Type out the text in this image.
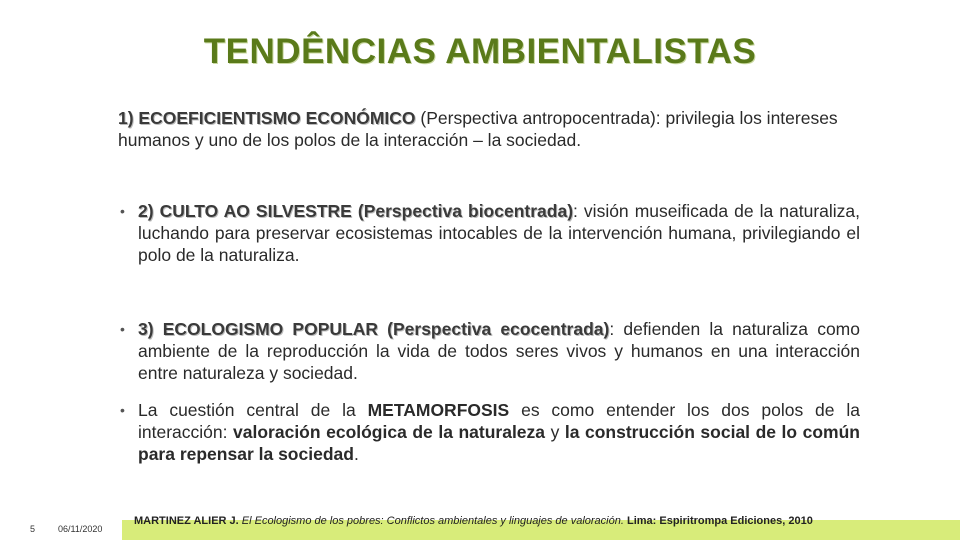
TENDÊNCIAS AMBIENTALISTAS
1) ECOEFICIENTISMO ECONÓMICO (Perspectiva antropocentrada): privilegia los intereses humanos y uno de los polos de la interacción – la sociedad.
• 2) CULTO AO SILVESTRE (Perspectiva biocentrada): visión museificada de la naturaliza, luchando para preservar ecosistemas intocables de la intervención humana, privilegiando el polo de la naturaliza.
• 3) ECOLOGISMO POPULAR (Perspectiva ecocentrada): defienden la naturaliza como ambiente de la reproducción la vida de todos seres vivos y humanos en una interacción entre naturaleza y sociedad.
• La cuestión central de la METAMORFOSIS es como entender los dos polos de la interacción: valoración ecológica de la naturaleza y la construcción social de lo común para repensar la sociedad.
5	06/11/2020
MARTINEZ ALIER J. El Ecologismo de los pobres: Conflictos ambientales y linguajes de valoración. Lima: Espiritrompa Ediciones, 2010
